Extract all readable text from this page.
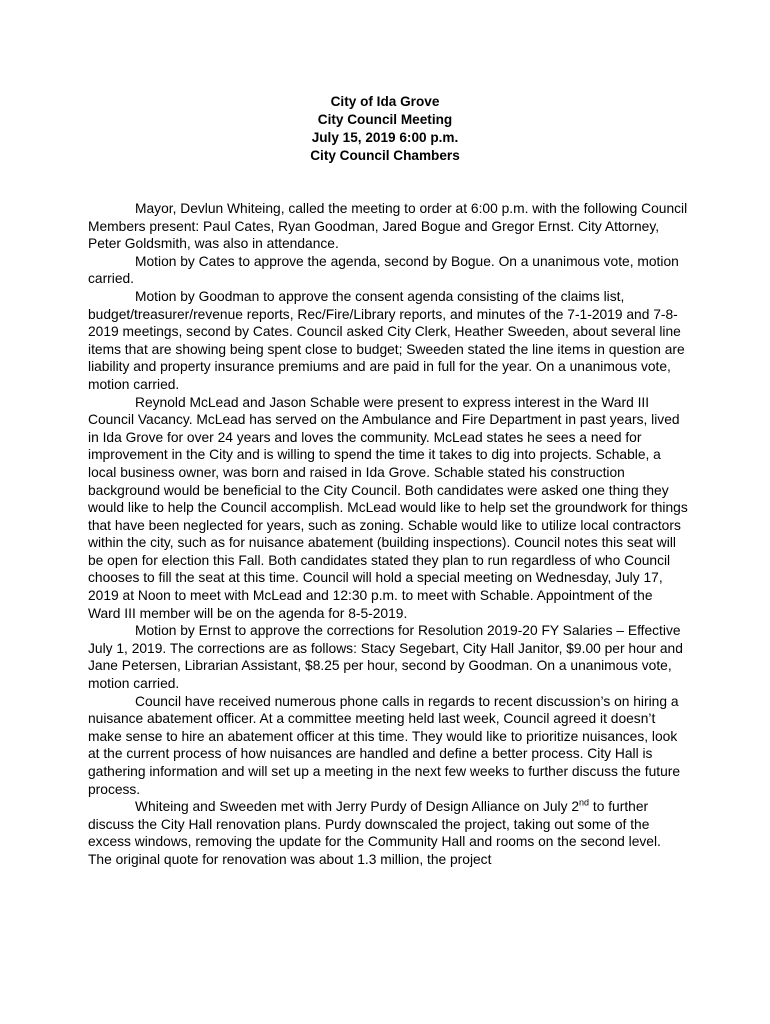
City of Ida Grove
City Council Meeting
July 15, 2019 6:00 p.m.
City Council Chambers

Mayor, Devlun Whiteing, called the meeting to order at 6:00 p.m. with the following Council Members present: Paul Cates, Ryan Goodman, Jared Bogue and Gregor Ernst. City Attorney, Peter Goldsmith, was also in attendance.

Motion by Cates to approve the agenda, second by Bogue. On a unanimous vote, motion carried.

Motion by Goodman to approve the consent agenda consisting of the claims list, budget/treasurer/revenue reports, Rec/Fire/Library reports, and minutes of the 7-1-2019 and 7-8-2019 meetings, second by Cates. Council asked City Clerk, Heather Sweeden, about several line items that are showing being spent close to budget; Sweeden stated the line items in question are liability and property insurance premiums and are paid in full for the year. On a unanimous vote, motion carried.

Reynold McLead and Jason Schable were present to express interest in the Ward III Council Vacancy. McLead has served on the Ambulance and Fire Department in past years, lived in Ida Grove for over 24 years and loves the community. McLead states he sees a need for improvement in the City and is willing to spend the time it takes to dig into projects. Schable, a local business owner, was born and raised in Ida Grove. Schable stated his construction background would be beneficial to the City Council. Both candidates were asked one thing they would like to help the Council accomplish. McLead would like to help set the groundwork for things that have been neglected for years, such as zoning. Schable would like to utilize local contractors within the city, such as for nuisance abatement (building inspections). Council notes this seat will be open for election this Fall. Both candidates stated they plan to run regardless of who Council chooses to fill the seat at this time. Council will hold a special meeting on Wednesday, July 17, 2019 at Noon to meet with McLead and 12:30 p.m. to meet with Schable. Appointment of the Ward III member will be on the agenda for 8-5-2019.

Motion by Ernst to approve the corrections for Resolution 2019-20 FY Salaries – Effective July 1, 2019. The corrections are as follows: Stacy Segebart, City Hall Janitor, $9.00 per hour and Jane Petersen, Librarian Assistant, $8.25 per hour, second by Goodman. On a unanimous vote, motion carried.

Council have received numerous phone calls in regards to recent discussion’s on hiring a nuisance abatement officer. At a committee meeting held last week, Council agreed it doesn’t make sense to hire an abatement officer at this time. They would like to prioritize nuisances, look at the current process of how nuisances are handled and define a better process. City Hall is gathering information and will set up a meeting in the next few weeks to further discuss the future process.

Whiteing and Sweeden met with Jerry Purdy of Design Alliance on July 2nd to further discuss the City Hall renovation plans. Purdy downscaled the project, taking out some of the excess windows, removing the update for the Community Hall and rooms on the second level. The original quote for renovation was about 1.3 million, the project
